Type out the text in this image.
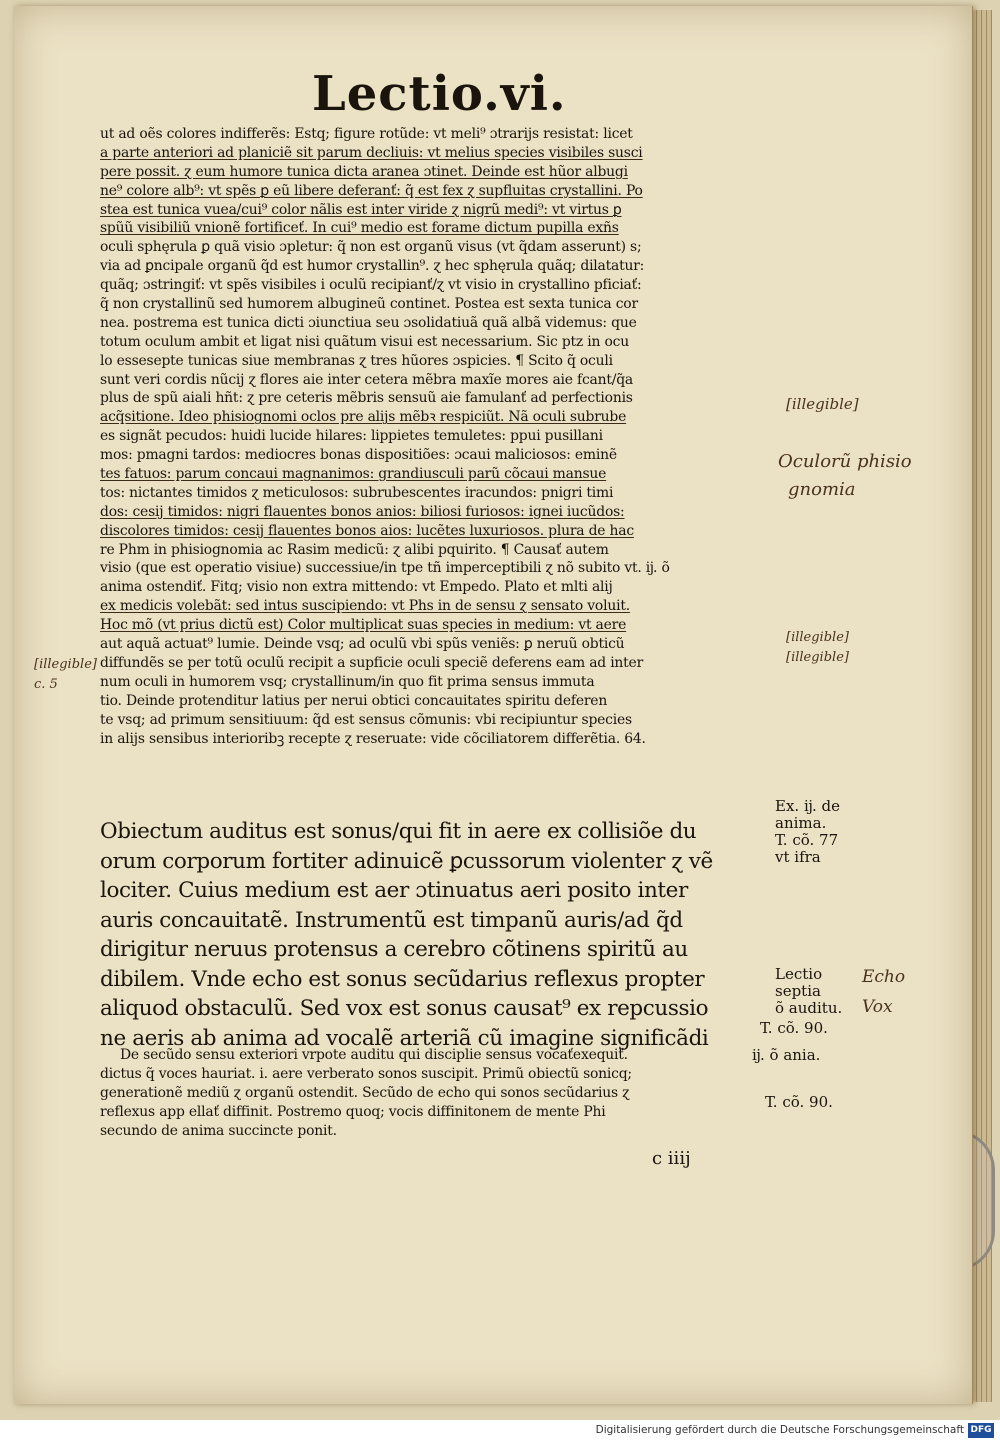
Lectio.vi.
ut ad oẽs colores indifferẽs: Estq; figure rotũde: vt meli⁹ ɔtrarijs resistat: licet
a parte anteriori ad planiciẽ sit parum decliuis: vt melius species visibiles susci
pere possit. ɀ eum humore tunica dicta aranea ɔtinet. Deinde est hũor albugi
ne⁹ colore alb⁹: vt spẽs ꝑ eũ libere deferanť: q̃ est fex ɀ supfluitas crystallini. Po
stea est tunica vuea/cui⁹ color nãlis est inter viride ɀ nigrũ medi⁹: vt virtus ꝑ
spũũ visibiliũ vnionẽ fortificeť. In cui⁹ medio est forame dictum pupilla exñs
oculi sphęrula ꝑ quã visio ɔpletur: q̃ non est organũ visus (vt q̃dam asserunt) s;
via ad ꝑncipale organũ q̃d est humor crystallin⁹. ɀ hec sphęrula quãq; dilatatur:
quãq; ɔstringiť: vt spẽs visibiles i oculũ recipianť/ɀ vt visio in crystallino pficiať:
q̃ non crystallinũ sed humorem albugineũ continet. Postea est sexta tunica cor
nea. postrema est tunica dicti ɔiunctiua seu ɔsolidatiuã quã albã videmus: que
totum oculum ambit et ligat nisi quãtum visui est necessarium. Sic ptz in ocu
lo essesepte tunicas siue membranas ɀ tres hũores ɔspicies. ¶ Scito q̃ oculi
sunt veri cordis nũcij ɀ flores aie inter cetera mẽbra maxĩe mores aie fcant/q̃a
plus de spũ aiali hñt: ɀ pre ceteris mẽbris sensuũ aie famulanť ad perfectionis
acq̃sitione. Ideo phisiognomi oclos pre alijs mẽbꝛ respiciũt. Nã oculi subrube
es signãt pecudos: huidi lucide hilares: lippietes temuletes: ppui pusillani
mos: pmagni tardos: mediocres bonas dispositiões: ɔcaui maliciosos: eminẽ
tes fatuos: parum concaui magnanimos: grandiusculi parũ cõcaui mansue
tos: nictantes timidos ɀ meticulosos: subrubescentes iracundos: pnigri timi
dos: cesij timidos: nigri flauentes bonos anios: biliosi furiosos: ignei iucũdos:
discolores timidos: cesij flauentes bonos aios: lucẽtes luxuriosos. plura de hac
re Phm in phisiognomia ac Rasim medicũ: ɀ alibi pquirito. ¶ Causať autem
visio (que est operatio visiue) successiue/in tpe tñ imperceptibili ɀ nõ subito vt. ĳ. õ
anima ostendiť. Fitq; visio non extra mittendo: vt Empedo. Plato et mlti alij
ex medicis volebãt: sed intus suscipiendo: vt Phs in de sensu ɀ sensato voluit.
Hoc mõ (vt prius dictũ est) Color multiplicat suas species in medium: vt aere
aut aquã actuat⁹ lumie. Deinde vsq; ad oculũ vbi spũs veniẽs: ꝑ neruũ obticũ
diffundẽs se per totũ oculũ recipit a supficie oculi speciẽ deferens eam ad inter
num oculi in humorem vsq; crystallinum/in quo fit prima sensus immuta
tio. Deinde protenditur latius per nerui obtici concauitates spiritu deferen
te vsq; ad primum sensitiuum: q̃d est sensus cõmunis: vbi recipiuntur species
in alijs sensibus interioribꝫ recepte ɀ reseruate: vide cõciliatorem differẽtia. 64.
Obiectum auditus est sonus/qui fit in aere ex collisiõe du
orum corporum fortiter adinuicẽ ꝑcussorum violenter ɀ vẽ
lociter. Cuius medium est aer ɔtinuatus aeri posito inter
auris concauitatẽ. Instrumentũ est timpanũ auris/ad q̃d
dirigitur neruus protensus a cerebro cõtinens spiritũ au
dibilem. Vnde echo est sonus secũdarius reflexus propter
aliquod obstaculũ. Sed vox est sonus causat⁹ ex repcussio
ne aeris ab anima ad vocalẽ arteriã cũ imagine significãdi
De secũdo sensu exteriori vrpote auditu qui disciplie sensus vocaťexequiť.
dictus q̃ voces hauriat. i. aere verberato sonos suscipit. Primũ obiectũ sonicq;
generationẽ mediũ ɀ organũ ostendit. Secũdo de echo qui sonos secũdarius ɀ
reflexus app ellať diffinit. Postremo quoq; vocis diffinitonem de mente Phi
secundo de anima succincte ponit.
c iiij
Ex. ĳ. de
anima.
T. cõ. 77
vt ifra
Lectio
septia
õ auditu.
T. cõ. 90.
ĳ. õ ania.
T. cõ. 90.
[illegible]
Oculorũ phisio
gnomia
[illegible]
[illegible]
[illegible]
c. 5
Echo
Vox
Digitalisierung gefördert durch die Deutsche Forschungsgemeinschaft DFG
